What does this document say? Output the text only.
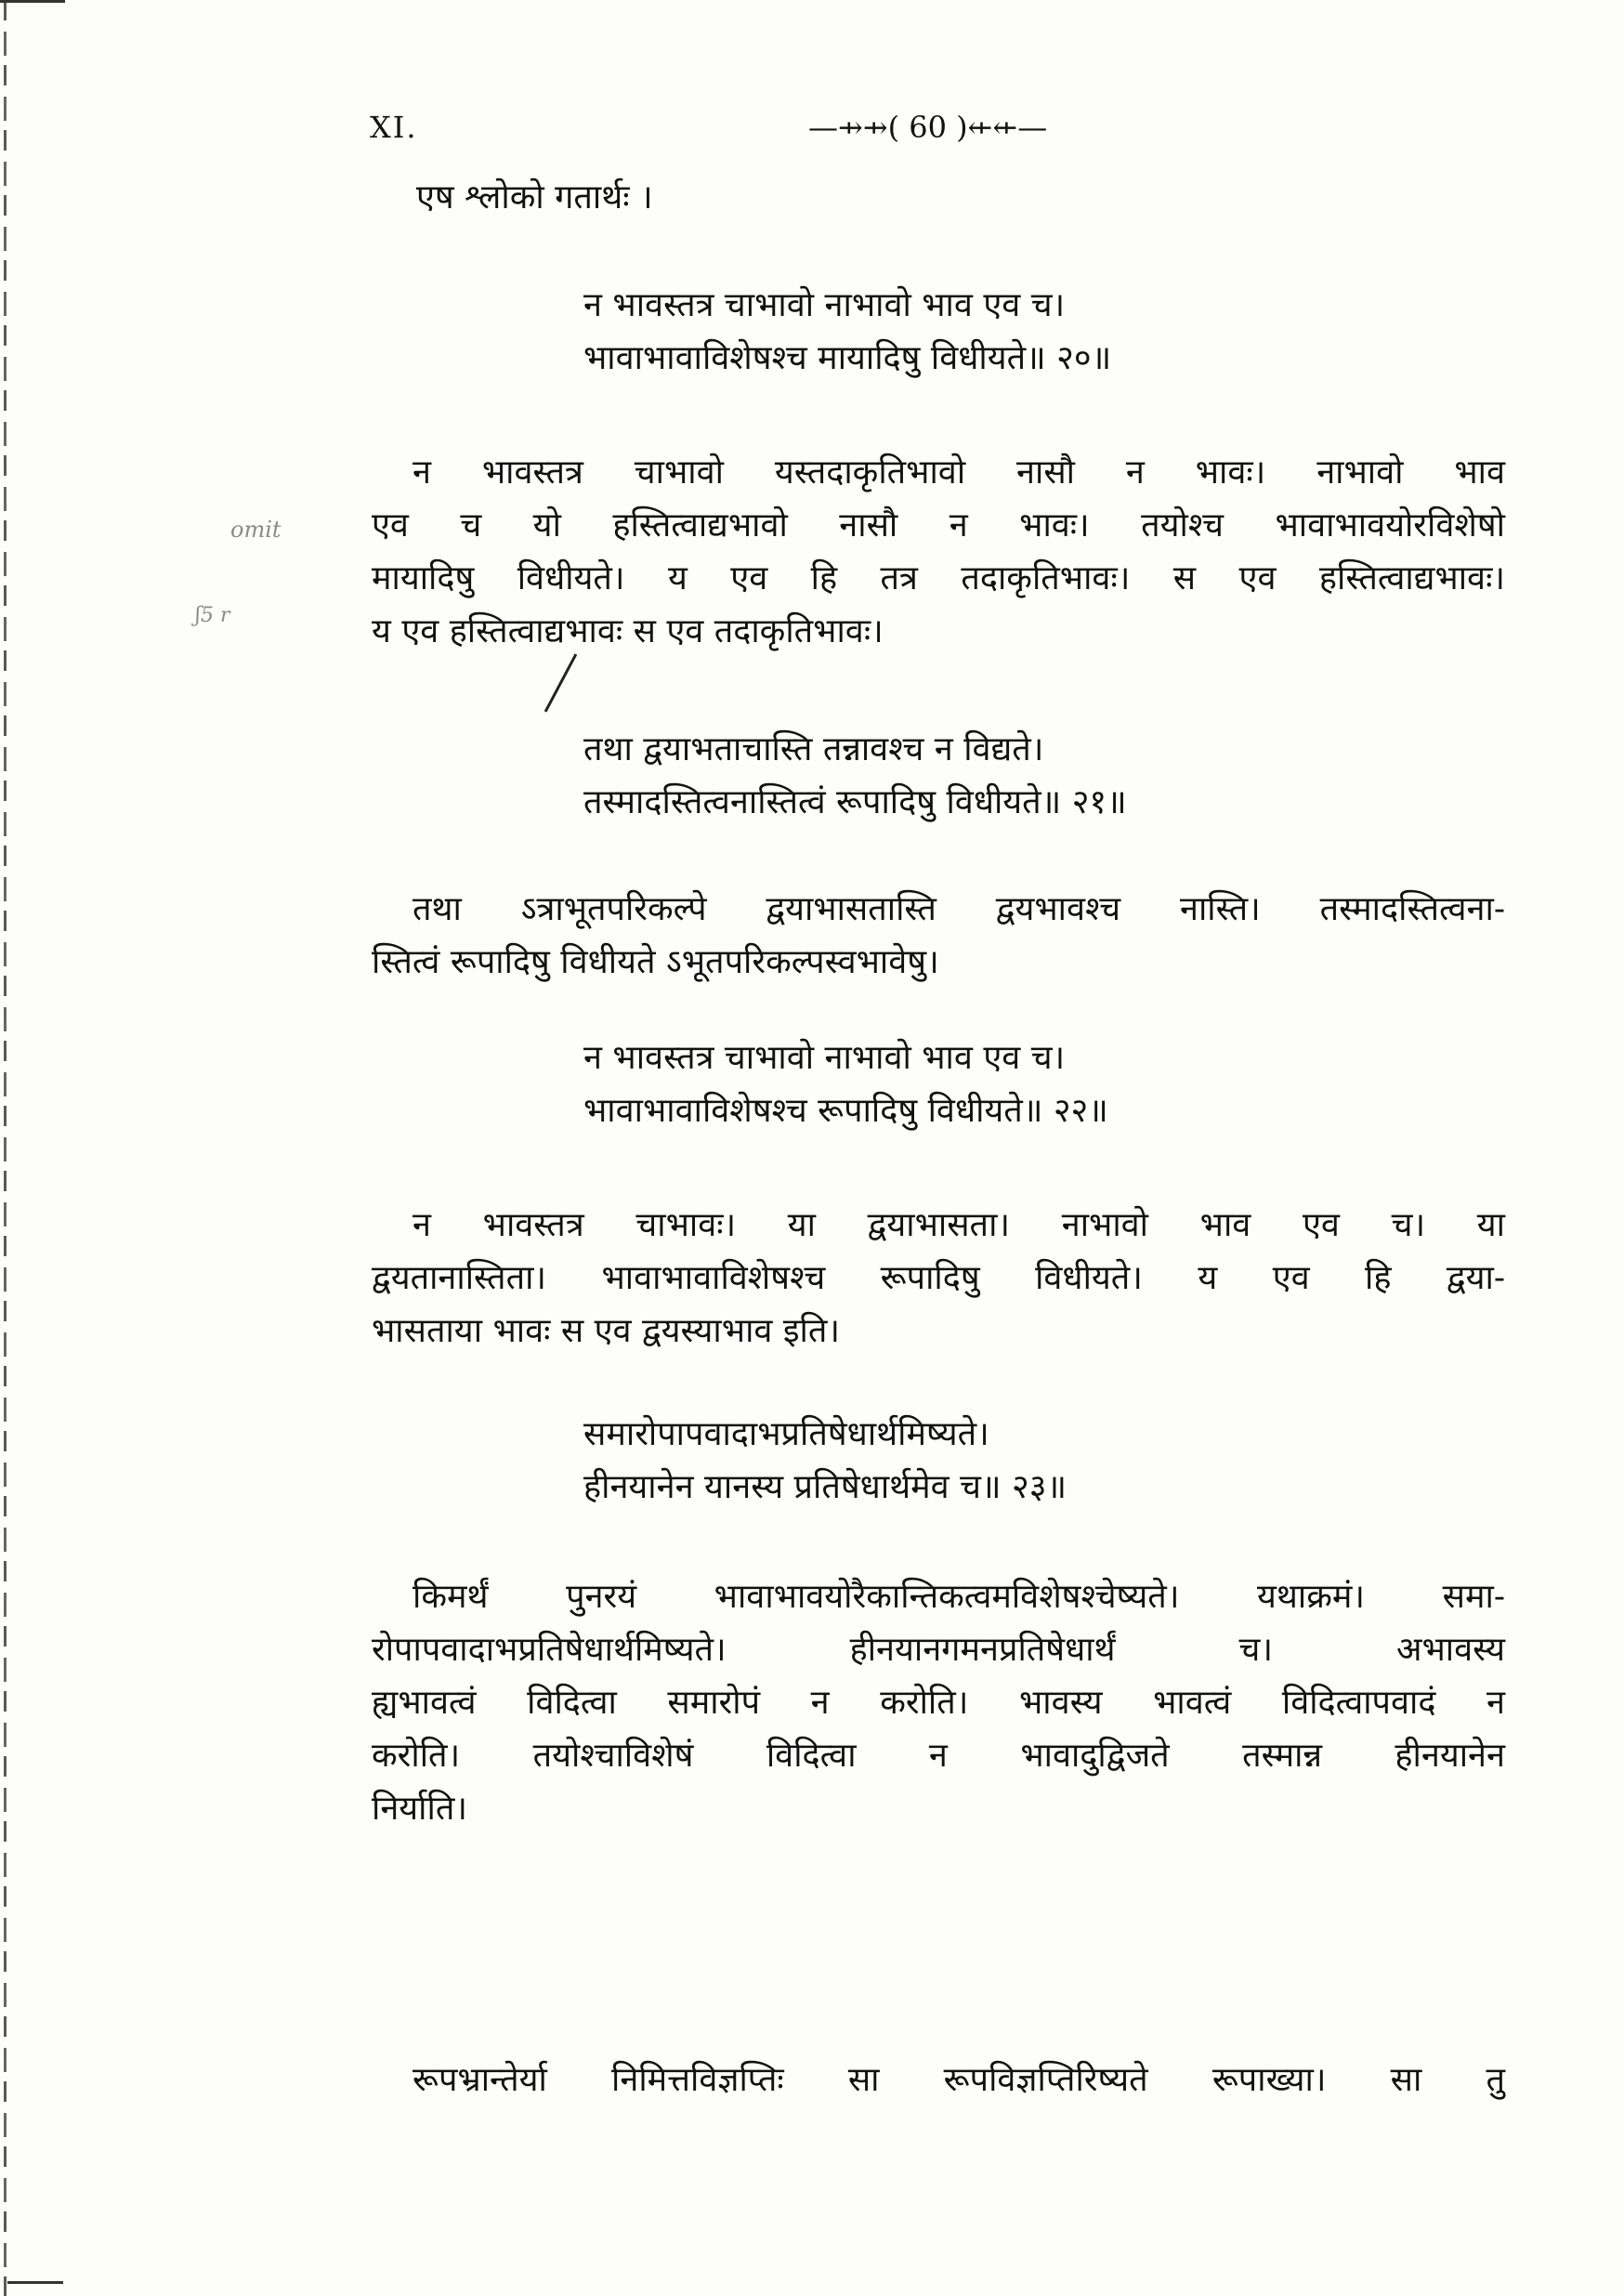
omit
ʃ5 r
XI.	—⇸⇸( 60 )⇷⇷—
एष श्लोको गतार्थः ।
न भावस्तत्र चाभावो नाभावो भाव एव च।
भावाभावाविशेषश्च मायादिषु विधीयते॥ २०॥
न भावस्तत्र चाभावो यस्तदाकृतिभावो नासौ न भावः। नाभावो भाव
एव च यो हस्तित्वाद्यभावो नासौ न भावः। तयोश्च भावाभावयोरविशेषो
मायादिषु विधीयते। य एव हि तत्र तदाकृतिभावः। स एव हस्तित्वाद्यभावः।
य एव हस्तित्वाद्यभावः स एव तदाकृतिभावः।
तथा द्वयाभताचास्ति तन्नावश्च न विद्यते।
तस्मादस्तित्वनास्तित्वं रूपादिषु विधीयते॥ २१॥
तथा ऽत्राभूतपरिकल्पे द्वयाभासतास्ति द्वयभावश्च नास्ति। तस्मादस्तित्वना-
स्तित्वं रूपादिषु विधीयते ऽभूतपरिकल्पस्वभावेषु।
न भावस्तत्र चाभावो नाभावो भाव एव च।
भावाभावाविशेषश्च रूपादिषु विधीयते॥ २२॥
न भावस्तत्र चाभावः। या द्वयाभासता। नाभावो भाव एव च। या
द्वयतानास्तिता। भावाभावाविशेषश्च रूपादिषु विधीयते। य एव हि द्वया-
भासताया भावः स एव द्वयस्याभाव इति।
समारोपापवादाभप्रतिषेधार्थमिष्यते।
हीनयानेन यानस्य प्रतिषेधार्थमेव च॥ २३॥
किमर्थं पुनरयं भावाभावयोरैकान्तिकत्वमविशेषश्चेष्यते। यथाक्रमं। समा-
रोपापवादाभप्रतिषेधार्थमिष्यते। हीनयानगमनप्रतिषेधार्थं च। अभावस्य
ह्यभावत्वं विदित्वा समारोपं न करोति। भावस्य भावत्वं विदित्वापवादं न
करोति। तयोश्चाविशेषं विदित्वा न भावादुद्विजते तस्मान्न हीनयानेन
निर्याति।
रूपभ्रान्तेर्या निमित्तविज्ञप्तिः सा रूपविज्ञप्तिरिष्यते रूपाख्या। सा तु
